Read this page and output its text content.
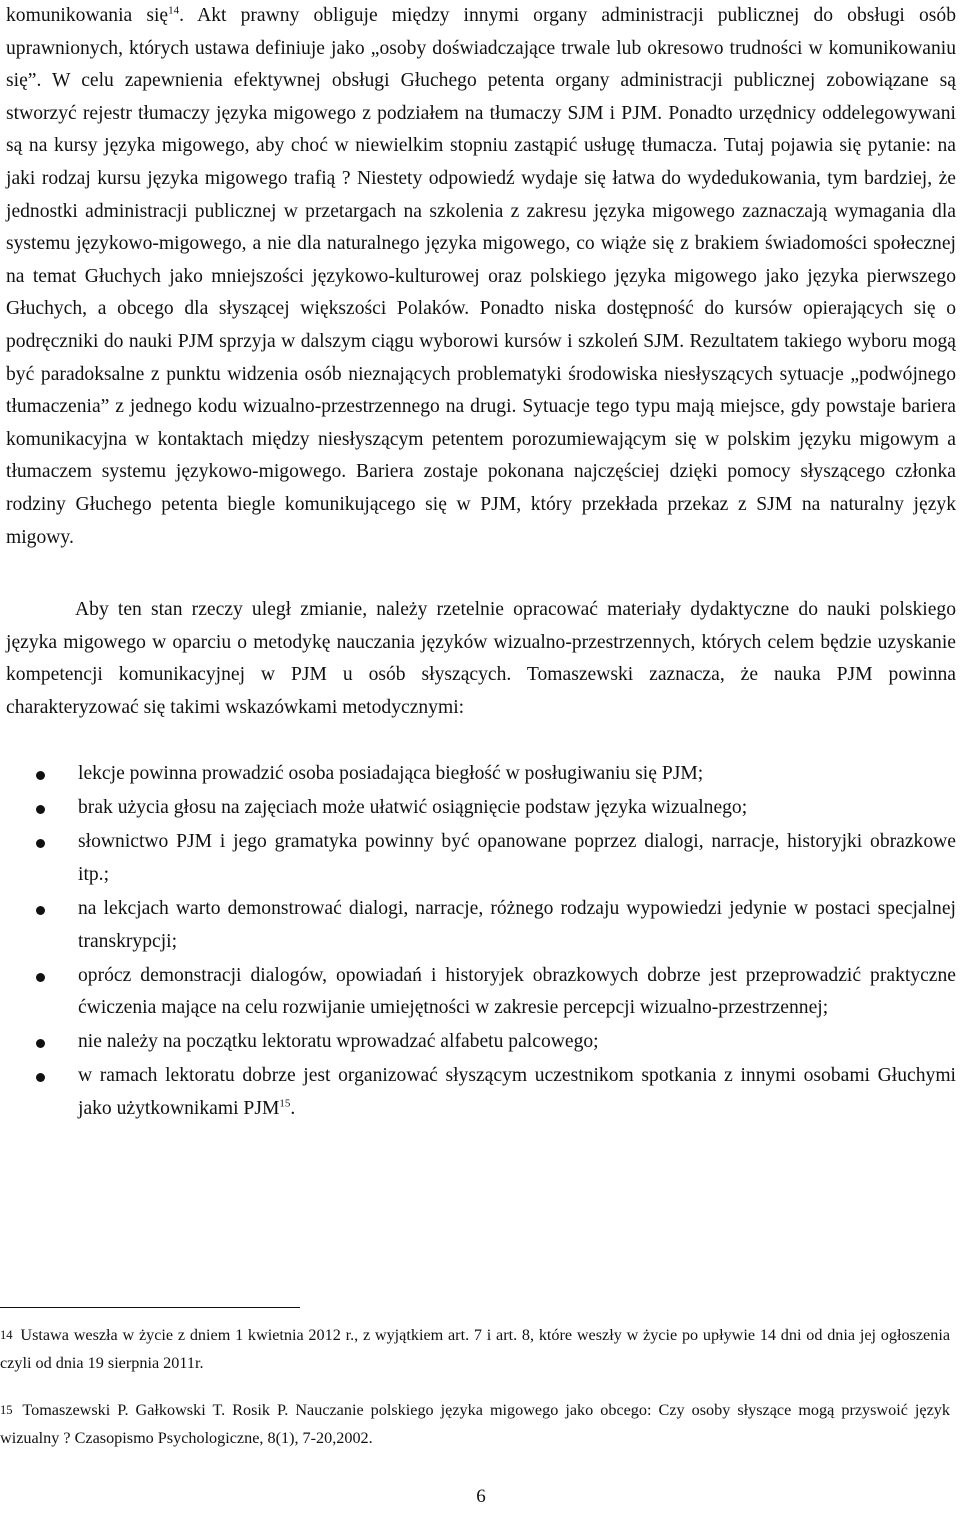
komunikowania się$^{14}$. Akt prawny obliguje między innymi organy administracji publicznej do obsługi osób uprawnionych, których ustawa definiuje jako „osoby doświadczające trwale lub okresowo trudności w komunikowaniu się”. W celu zapewnienia efektywnej obsługi Głuchego petenta organy administracji publicznej zobowiązane są stworzyć rejestr tłumaczy języka migowego z podziałem na tłumaczy SJM i PJM. Ponadto urzędnicy oddelegowywani są na kursy języka migowego, aby choć w niewielkim stopniu zastąpić usługę tłumacza. Tutaj pojawia się pytanie: na jaki rodzaj kursu języka migowego trafią ? Niestety odpowiedź wydaje się łatwa do wydedukowania, tym bardziej, że jednostki administracji publicznej w przetargach na szkolenia z zakresu języka migowego zaznaczają wymagania dla systemu językowo-migowego, a nie dla naturalnego języka migowego, co wiąże się z brakiem świadomości społecznej na temat Głuchych jako mniejszości językowo-kulturowej oraz polskiego języka migowego jako języka pierwszego Głuchych, a obcego dla słyszącej większości Polaków. Ponadto niska dostępność do kursów opierających się o podręczniki do nauki PJM sprzyja w dalszym ciągu wyborowi kursów i szkoleń SJM. Rezultatem takiego wyboru mogą być paradoksalne z punktu widzenia osób nieznających problematyki środowiska niesłyszących sytuacje „podwójnego tłumaczenia” z jednego kodu wizualno-przestrzennego na drugi. Sytuacje tego typu mają miejsce, gdy powstaje bariera komunikacyjna w kontaktach między niesłyszącym petentem porozumiewającym się w polskim języku migowym a tłumaczem systemu językowo-migowego. Bariera zostaje pokonana najczęściej dzięki pomocy słyszącego członka rodziny Głuchego petenta biegle komunikującego się w PJM, który przekłada przekaz z SJM na naturalny język migowy.

Aby ten stan rzeczy uległ zmianie, należy rzetelnie opracować materiały dydaktyczne do nauki polskiego języka migowego w oparciu o metodykę nauczania języków wizualno-przestrzennych, których celem będzie uzyskanie kompetencji komunikacyjnej w PJM u osób słyszących. Tomaszewski zaznacza, że nauka PJM powinna charakteryzować się takimi wskazówkami metodycznymi:

lekcje powinna prowadzić osoba posiadająca biegłość w posługiwaniu się PJM;
brak użycia głosu na zajęciach może ułatwić osiągnięcie podstaw języka wizualnego;
słownictwo PJM i jego gramatyka powinny być opanowane poprzez dialogi, narracje, historyjki obrazkowe itp.;
na lekcjach warto demonstrować dialogi, narracje, różnego rodzaju wypowiedzi jedynie w postaci specjalnej transkrypcji;
oprócz demonstracji dialogów, opowiadań i historyjek obrazkowych dobrze jest przeprowadzić praktyczne ćwiczenia mające na celu rozwijanie umiejętności w zakresie percepcji wizualno-przestrzennej;
nie należy na początku lektoratu wprowadzać alfabetu palcowego;
w ramach lektoratu dobrze jest organizować słyszącym uczestnikom spotkania z innymi osobami Głuchymi jako użytkownikami PJM$^{15}$.

14 Ustawa weszła w życie z dniem 1 kwietnia 2012 r., z wyjątkiem art. 7 i art. 8, które weszły w życie po upływie 14 dni od dnia jej ogłoszenia czyli od dnia 19 sierpnia 2011r.

15 Tomaszewski P. Gałkowski T. Rosik P. Nauczanie polskiego języka migowego jako obcego: Czy osoby słyszące mogą przyswoić język wizualny ? Czasopismo Psychologiczne, 8(1), 7-20,2002.

6
